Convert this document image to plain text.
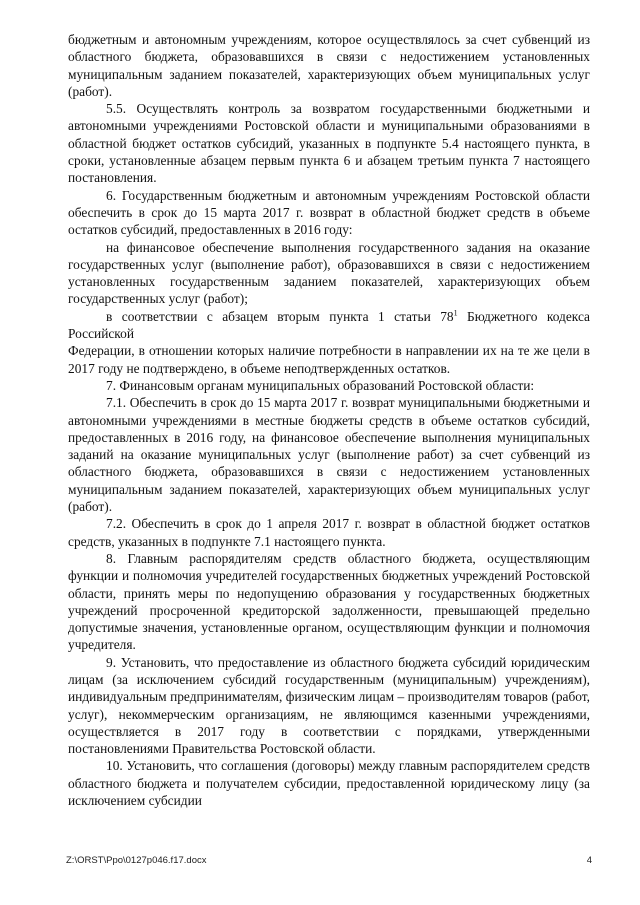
бюджетным и автономным учреждениям, которое осуществлялось за счет субвенций из областного бюджета, образовавшихся в связи с недостижением установленных муниципальным заданием показателей, характеризующих объем муниципальных услуг (работ).

5.5. Осуществлять контроль за возвратом государственными бюджетными и автономными учреждениями Ростовской области и муниципальными образованиями в областной бюджет остатков субсидий, указанных в подпункте 5.4 настоящего пункта, в сроки, установленные абзацем первым пункта 6 и абзацем третьим пункта 7 настоящего постановления.

6. Государственным бюджетным и автономным учреждениям Ростовской области обеспечить в срок до 15 марта 2017 г. возврат в областной бюджет средств в объеме остатков субсидий, предоставленных в 2016 году:

на финансовое обеспечение выполнения государственного задания на оказание государственных услуг (выполнение работ), образовавшихся в связи с недостижением установленных государственным заданием показателей, характеризующих объем государственных услуг (работ);

в соответствии с абзацем вторым пункта 1 статьи $78^1$ Бюджетного кодекса Российской

Федерации, в отношении которых наличие потребности в направлении их на те же цели в 2017 году не подтверждено, в объеме неподтвержденных остатков.

7. Финансовым органам муниципальных образований Ростовской области:

7.1. Обеспечить в срок до 15 марта 2017 г. возврат муниципальными бюджетными и автономными учреждениями в местные бюджеты средств в объеме остатков субсидий, предоставленных в 2016 году, на финансовое обеспечение выполнения муниципальных заданий на оказание муниципальных услуг (выполнение работ) за счет субвенций из областного бюджета, образовавшихся в связи с недостижением установленных муниципальным заданием показателей, характеризующих объем муниципальных услуг (работ).

7.2. Обеспечить в срок до 1 апреля 2017 г. возврат в областной бюджет остатков средств, указанных в подпункте 7.1 настоящего пункта.

8. Главным распорядителям средств областного бюджета, осуществляющим функции и полномочия учредителей государственных бюджетных учреждений Ростовской области, принять меры по недопущению образования у государственных бюджетных учреждений просроченной кредиторской задолженности, превышающей предельно допустимые значения, установленные органом, осуществляющим функции и полномочия учредителя.

9. Установить, что предоставление из областного бюджета субсидий юридическим лицам (за исключением субсидий государственным (муниципальным) учреждениям), индивидуальным предпринимателям, физическим лицам – производителям товаров (работ, услуг), некоммерческим организациям, не являющимся казенными учреждениями, осуществляется в 2017 году в соответствии с порядками, утвержденными постановлениями Правительства Ростовской области.

10. Установить, что соглашения (договоры) между главным распорядителем средств областного бюджета и получателем субсидии, предоставленной юридическому лицу (за исключением субсидии

Z:\ORST\Ppo\0127p046.f17.docx	4
